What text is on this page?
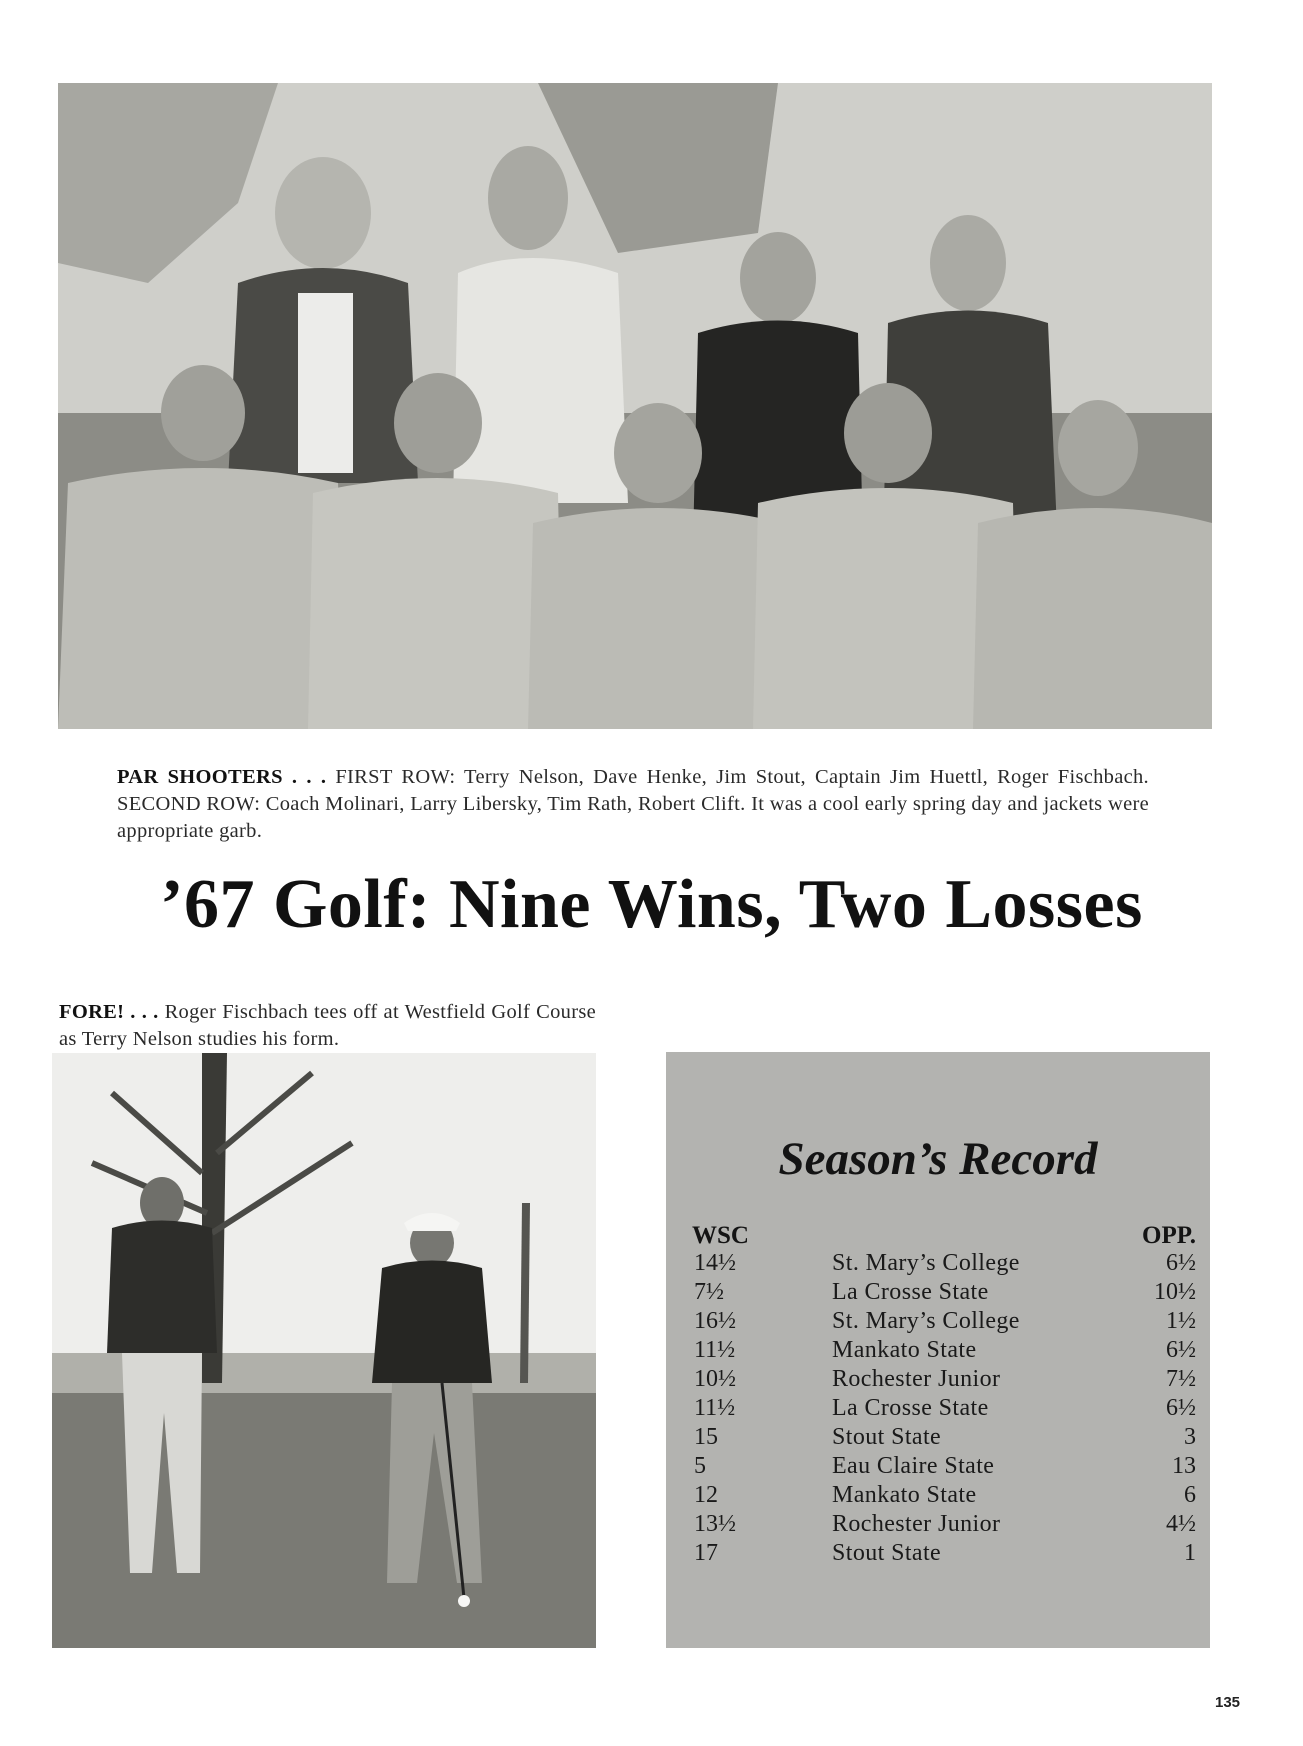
PAR SHOOTERS . . . FIRST ROW: Terry Nelson, Dave Henke, Jim Stout, Captain Jim Huettl, Roger Fischbach. SECOND ROW: Coach Molinari, Larry Libersky, Tim Rath, Robert Clift. It was a cool early spring day and jackets were appropriate garb.

’67 Golf: Nine Wins, Two Losses

FORE! . . . Roger Fischbach tees off at Westfield Golf Course as Terry Nelson studies his form.

Season’s Record
WSC	OPP.
14½	St. Mary’s College	6½
7½	La Crosse State	10½
16½	St. Mary’s College	1½
11½	Mankato State	6½
10½	Rochester Junior	7½
11½	La Crosse State	6½
15	Stout State	3
5	Eau Claire State	13
12	Mankato State	6
13½	Rochester Junior	4½
17	Stout State	1
135
